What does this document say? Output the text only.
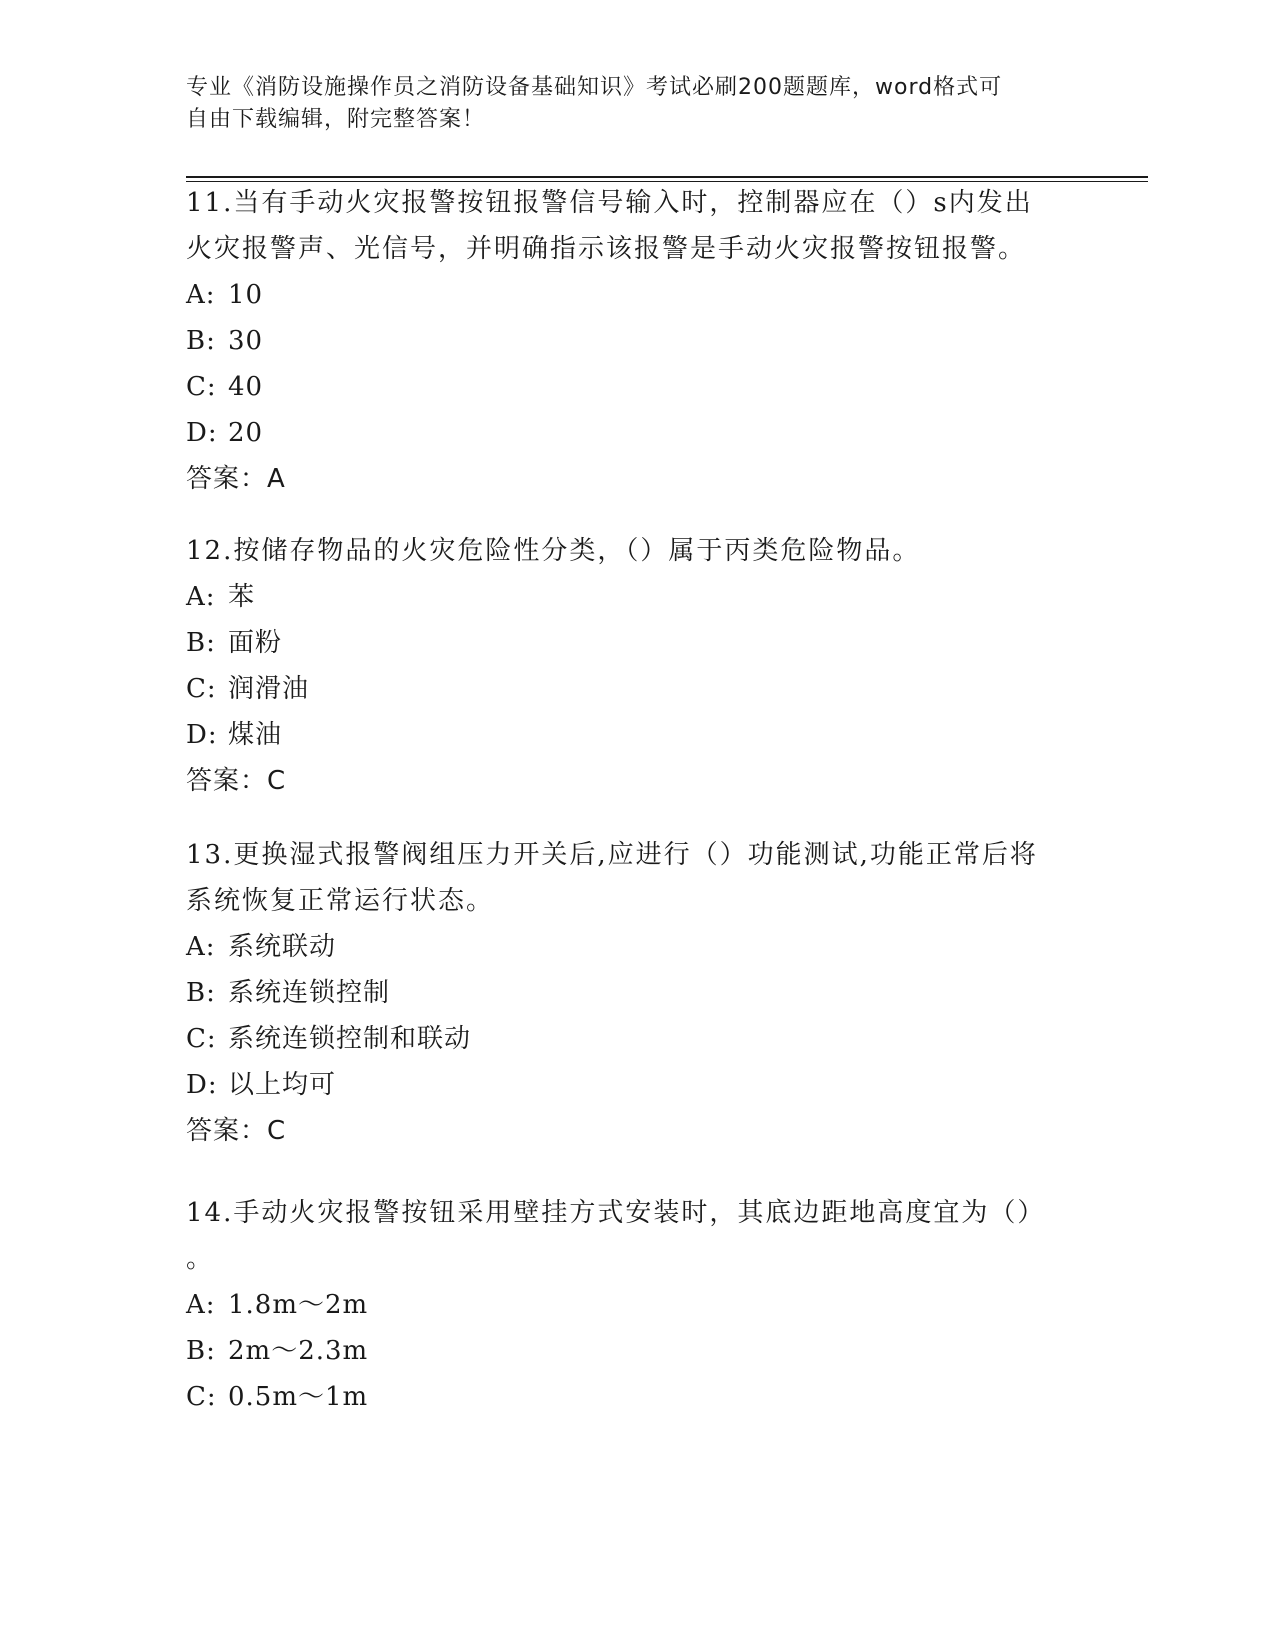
专业《消防设施操作员之消防设备基础知识》考试必刷200题题库，word格式可
自由下载编辑，附完整答案！

11.当有手动火灾报警按钮报警信号输入时，控制器应在（）s内发出

火灾报警声、光信号，并明确指示该报警是手动火灾报警按钮报警。

A: 10

B: 30

C: 40

D: 20

答案：A

12.按储存物品的火灾危险性分类，（）属于丙类危险物品。

A: 苯

B: 面粉

C: 润滑油

D: 煤油

答案：C

13.更换湿式报警阀组压力开关后,应进行（）功能测试,功能正常后将

系统恢复正常运行状态。

A: 系统联动

B: 系统连锁控制

C: 系统连锁控制和联动

D: 以上均可

答案：C

14.手动火灾报警按钮采用壁挂方式安装时，其底边距地高度宜为（）

。

A: 1.8m～2m

B: 2m～2.3m

C: 0.5m～1m
